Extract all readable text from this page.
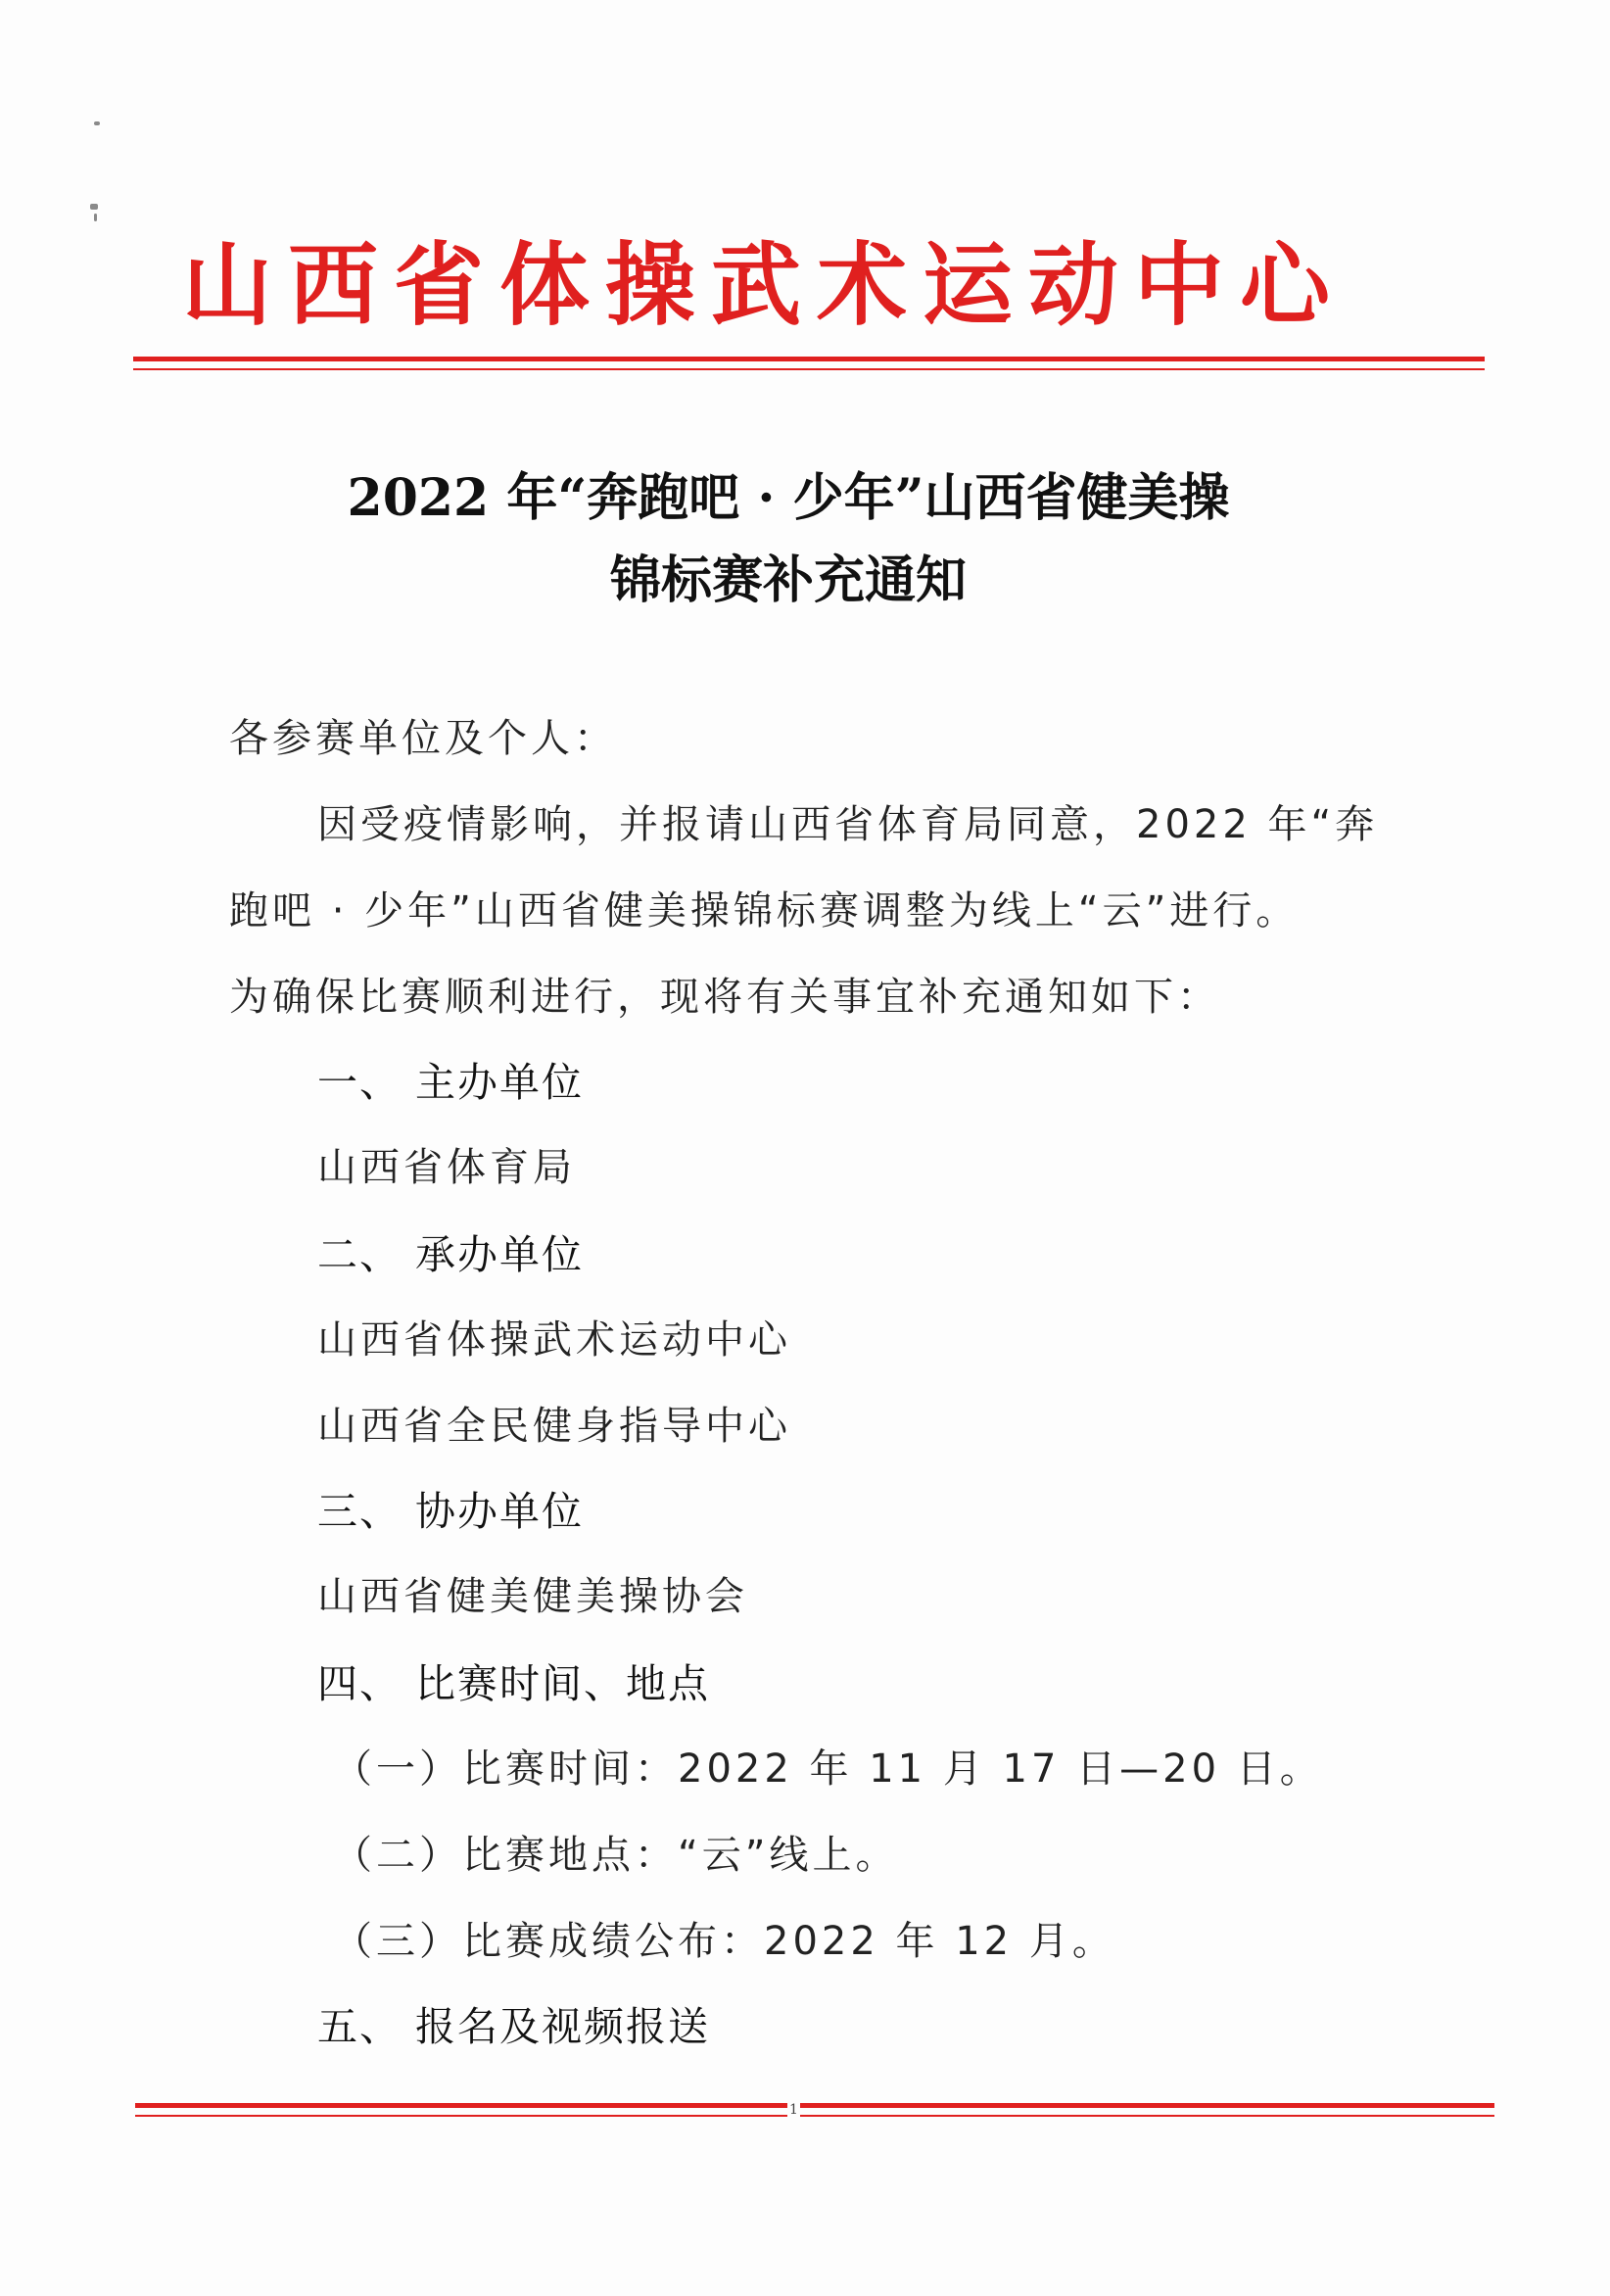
山西省体操武术运动中心
2022 年“奔跑吧 · 少年”山西省健美操
锦标赛补充通知
各参赛单位及个人：
因受疫情影响，并报请山西省体育局同意，2022 年“奔
跑吧 · 少年”山西省健美操锦标赛调整为线上“云”进行。
为确保比赛顺利进行，现将有关事宜补充通知如下：
一、 主办单位
山西省体育局
二、 承办单位
山西省体操武术运动中心
山西省全民健身指导中心
三、 协办单位
山西省健美健美操协会
四、 比赛时间、地点
（一）比赛时间：2022 年 11 月 17 日—20 日。
（二）比赛地点：“云”线上。
（三）比赛成绩公布：2022 年 12 月。
五、 报名及视频报送
1
